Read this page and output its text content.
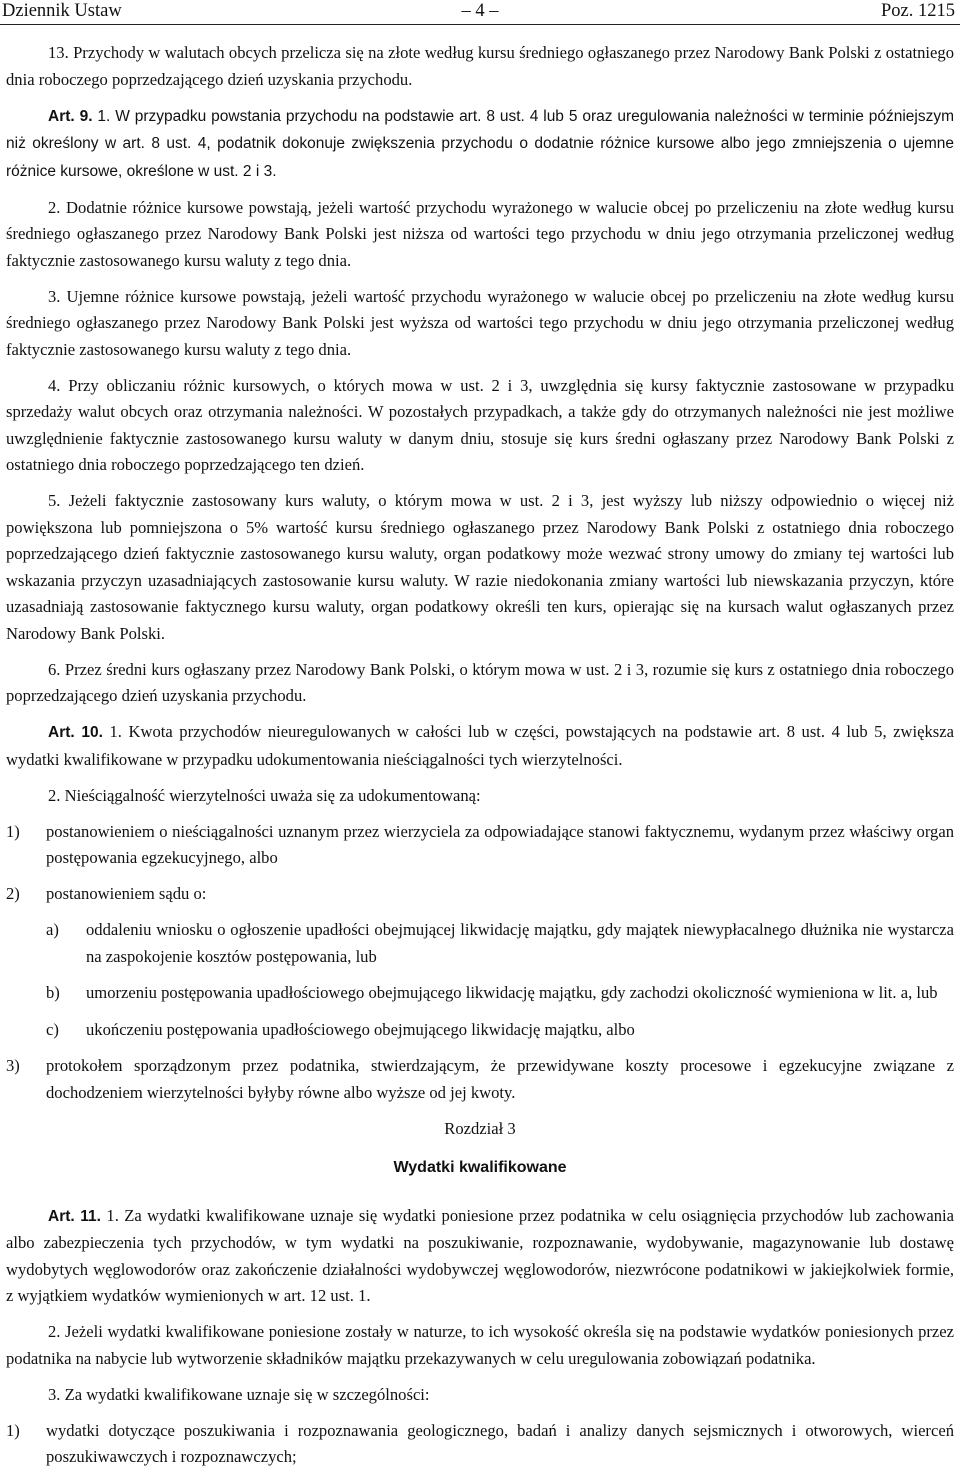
Dziennik Ustaw	– 4 –	Poz. 1215

13. Przychody w walutach obcych przelicza się na złote według kursu średniego ogłaszanego przez Narodowy Bank Polski z ostatniego dnia roboczego poprzedzającego dzień uzyskania przychodu.

Art. 9. 1. W przypadku powstania przychodu na podstawie art. 8 ust. 4 lub 5 oraz uregulowania należności w terminie późniejszym niż określony w art. 8 ust. 4, podatnik dokonuje zwiększenia przychodu o dodatnie różnice kursowe albo jego zmniejszenia o ujemne różnice kursowe, określone w ust. 2 i 3.

2. Dodatnie różnice kursowe powstają, jeżeli wartość przychodu wyrażonego w walucie obcej po przeliczeniu na złote według kursu średniego ogłaszanego przez Narodowy Bank Polski jest niższa od wartości tego przychodu w dniu jego otrzymania przeliczonej według faktycznie zastosowanego kursu waluty z tego dnia.

3. Ujemne różnice kursowe powstają, jeżeli wartość przychodu wyrażonego w walucie obcej po przeliczeniu na złote według kursu średniego ogłaszanego przez Narodowy Bank Polski jest wyższa od wartości tego przychodu w dniu jego otrzymania przeliczonej według faktycznie zastosowanego kursu waluty z tego dnia.

4. Przy obliczaniu różnic kursowych, o których mowa w ust. 2 i 3, uwzględnia się kursy faktycznie zastosowane w przypadku sprzedaży walut obcych oraz otrzymania należności. W pozostałych przypadkach, a także gdy do otrzymanych należności nie jest możliwe uwzględnienie faktycznie zastosowanego kursu waluty w danym dniu, stosuje się kurs średni ogłaszany przez Narodowy Bank Polski z ostatniego dnia roboczego poprzedzającego ten dzień.

5. Jeżeli faktycznie zastosowany kurs waluty, o którym mowa w ust. 2 i 3, jest wyższy lub niższy odpowiednio o więcej niż powiększona lub pomniejszona o 5% wartość kursu średniego ogłaszanego przez Narodowy Bank Polski z ostatniego dnia roboczego poprzedzającego dzień faktycznie zastosowanego kursu waluty, organ podatkowy może wezwać strony umowy do zmiany tej wartości lub wskazania przyczyn uzasadniających zastosowanie kursu waluty. W razie niedokonania zmiany wartości lub niewskazania przyczyn, które uzasadniają zastosowanie faktycznego kursu waluty, organ podatkowy określi ten kurs, opierając się na kursach walut ogłaszanych przez Narodowy Bank Polski.

6. Przez średni kurs ogłaszany przez Narodowy Bank Polski, o którym mowa w ust. 2 i 3, rozumie się kurs z ostatniego dnia roboczego poprzedzającego dzień uzyskania przychodu.

Art. 10. 1. Kwota przychodów nieuregulowanych w całości lub w części, powstających na podstawie art. 8 ust. 4 lub 5, zwiększa wydatki kwalifikowane w przypadku udokumentowania nieściągalności tych wierzytelności.

2. Nieściągalność wierzytelności uważa się za udokumentowaną:

1)	postanowieniem o nieściągalności uznanym przez wierzyciela za odpowiadające stanowi faktycznemu, wydanym przez właściwy organ postępowania egzekucyjnego, albo
2)	postanowieniem sądu o:
a)	oddaleniu wniosku o ogłoszenie upadłości obejmującej likwidację majątku, gdy majątek niewypłacalnego dłużnika nie wystarcza na zaspokojenie kosztów postępowania, lub
b)	umorzeniu postępowania upadłościowego obejmującego likwidację majątku, gdy zachodzi okoliczność wymieniona w lit. a, lub
c)	ukończeniu postępowania upadłościowego obejmującego likwidację majątku, albo
3)	protokołem sporządzonym przez podatnika, stwierdzającym, że przewidywane koszty procesowe i egzekucyjne związane z dochodzeniem wierzytelności byłyby równe albo wyższe od jej kwoty.
Rozdział 3
Wydatki kwalifikowane

Art. 11. 1. Za wydatki kwalifikowane uznaje się wydatki poniesione przez podatnika w celu osiągnięcia przychodów lub zachowania albo zabezpieczenia tych przychodów, w tym wydatki na poszukiwanie, rozpoznawanie, wydobywanie, magazynowanie lub dostawę wydobytych węglowodorów oraz zakończenie działalności wydobywczej węglowodorów, niezwrócone podatnikowi w jakiejkolwiek formie, z wyjątkiem wydatków wymienionych w art. 12 ust. 1.

2. Jeżeli wydatki kwalifikowane poniesione zostały w naturze, to ich wysokość określa się na podstawie wydatków poniesionych przez podatnika na nabycie lub wytworzenie składników majątku przekazywanych w celu uregulowania zobowiązań podatnika.

3. Za wydatki kwalifikowane uznaje się w szczególności:

1)	wydatki dotyczące poszukiwania i rozpoznawania geologicznego, badań i analizy danych sejsmicznych i otworowych, wierceń poszukiwawczych i rozpoznawczych;
